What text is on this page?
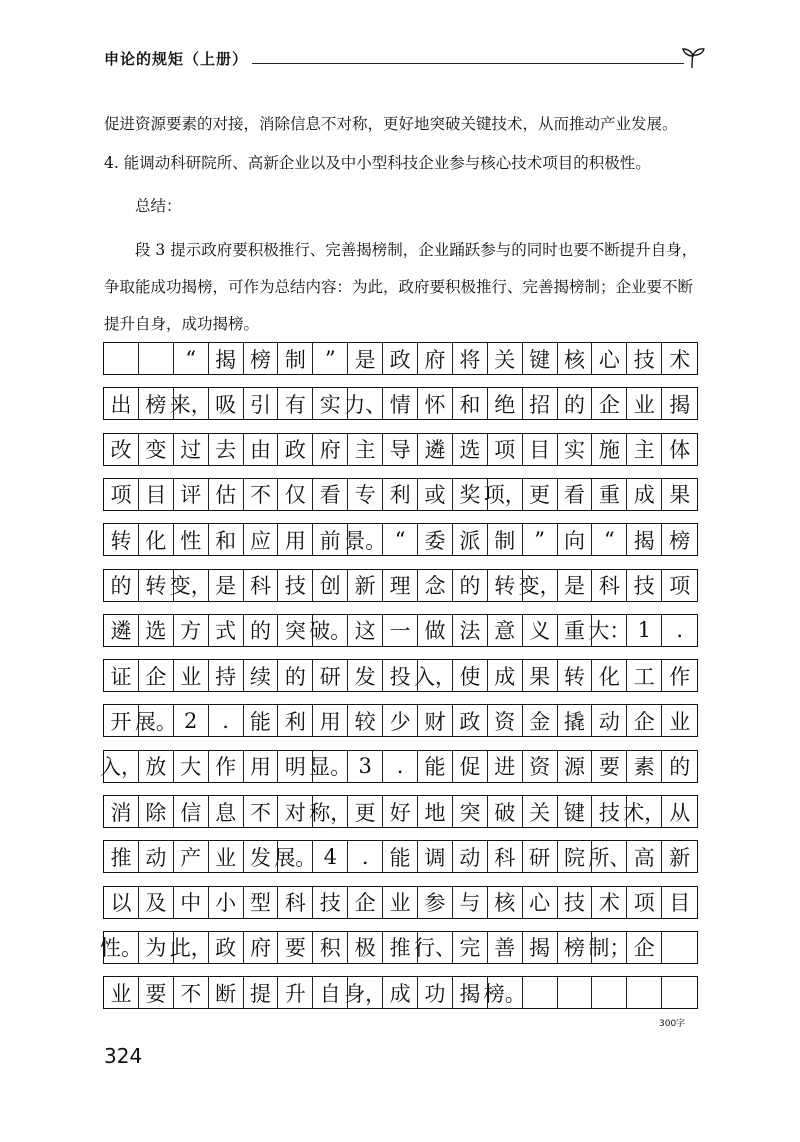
申论的规矩（上册）
促进资源要素的对接，消除信息不对称，更好地突破关键技术，从而推动产业发展。
4. 能调动科研院所、高新企业以及中小型科技企业参与核心技术项目的积极性。
总结：
段 3 提示政府要积极推行、完善揭榜制，企业踊跃参与的同时也要不断提升自身，争取能成功揭榜，可作为总结内容：为此，政府要积极推行、完善揭榜制；企业要不断提升自身，成功揭榜。
“ 揭 榜 制 ” 是 政 府 将 关 键 核 心 技 术
出 榜 来， 吸 引 有 实 力、 情 怀 和 绝 招 的 企 业 揭
改 变 过 去 由 政 府 主 导 遴 选 项 目 实 施 主 体
项 目 评 估 不 仅 看 专 利 或 奖 项， 更 看 重 成 果
转 化 性 和 应 用 前 景。 “ 委 派 制 ” 向 “ 揭 榜
的 转 变， 是 科 技 创 新 理 念 的 转 变， 是 科 技 项
遴 选 方 式 的 突 破。 这 一 做 法 意 义 重 大： 1	.
证 企 业 持 续 的 研 发 投 入， 使 成 果 转 化 工 作
开 展。 2	.	能 利 用 较 少 财 政 资 金 撬 动 企 业
入， 放 大 作 用 明 显。 3	.	能 促 进 资 源 要 素 的
消 除 信 息 不 对 称， 更 好 地 突 破 关 键 技 术， 从
推 动 产 业 发 展。 4	.	能 调 动 科 研 院 所、 高 新
以 及 中 小 型 科 技 企 业 参 与 核 心 技 术 项 目
性。 为 此， 政 府 要 积 极 推 行、 完 善 揭 榜 制； 企
业 要 不 断 提 升 自 身， 成 功 揭 榜。
300字
324
